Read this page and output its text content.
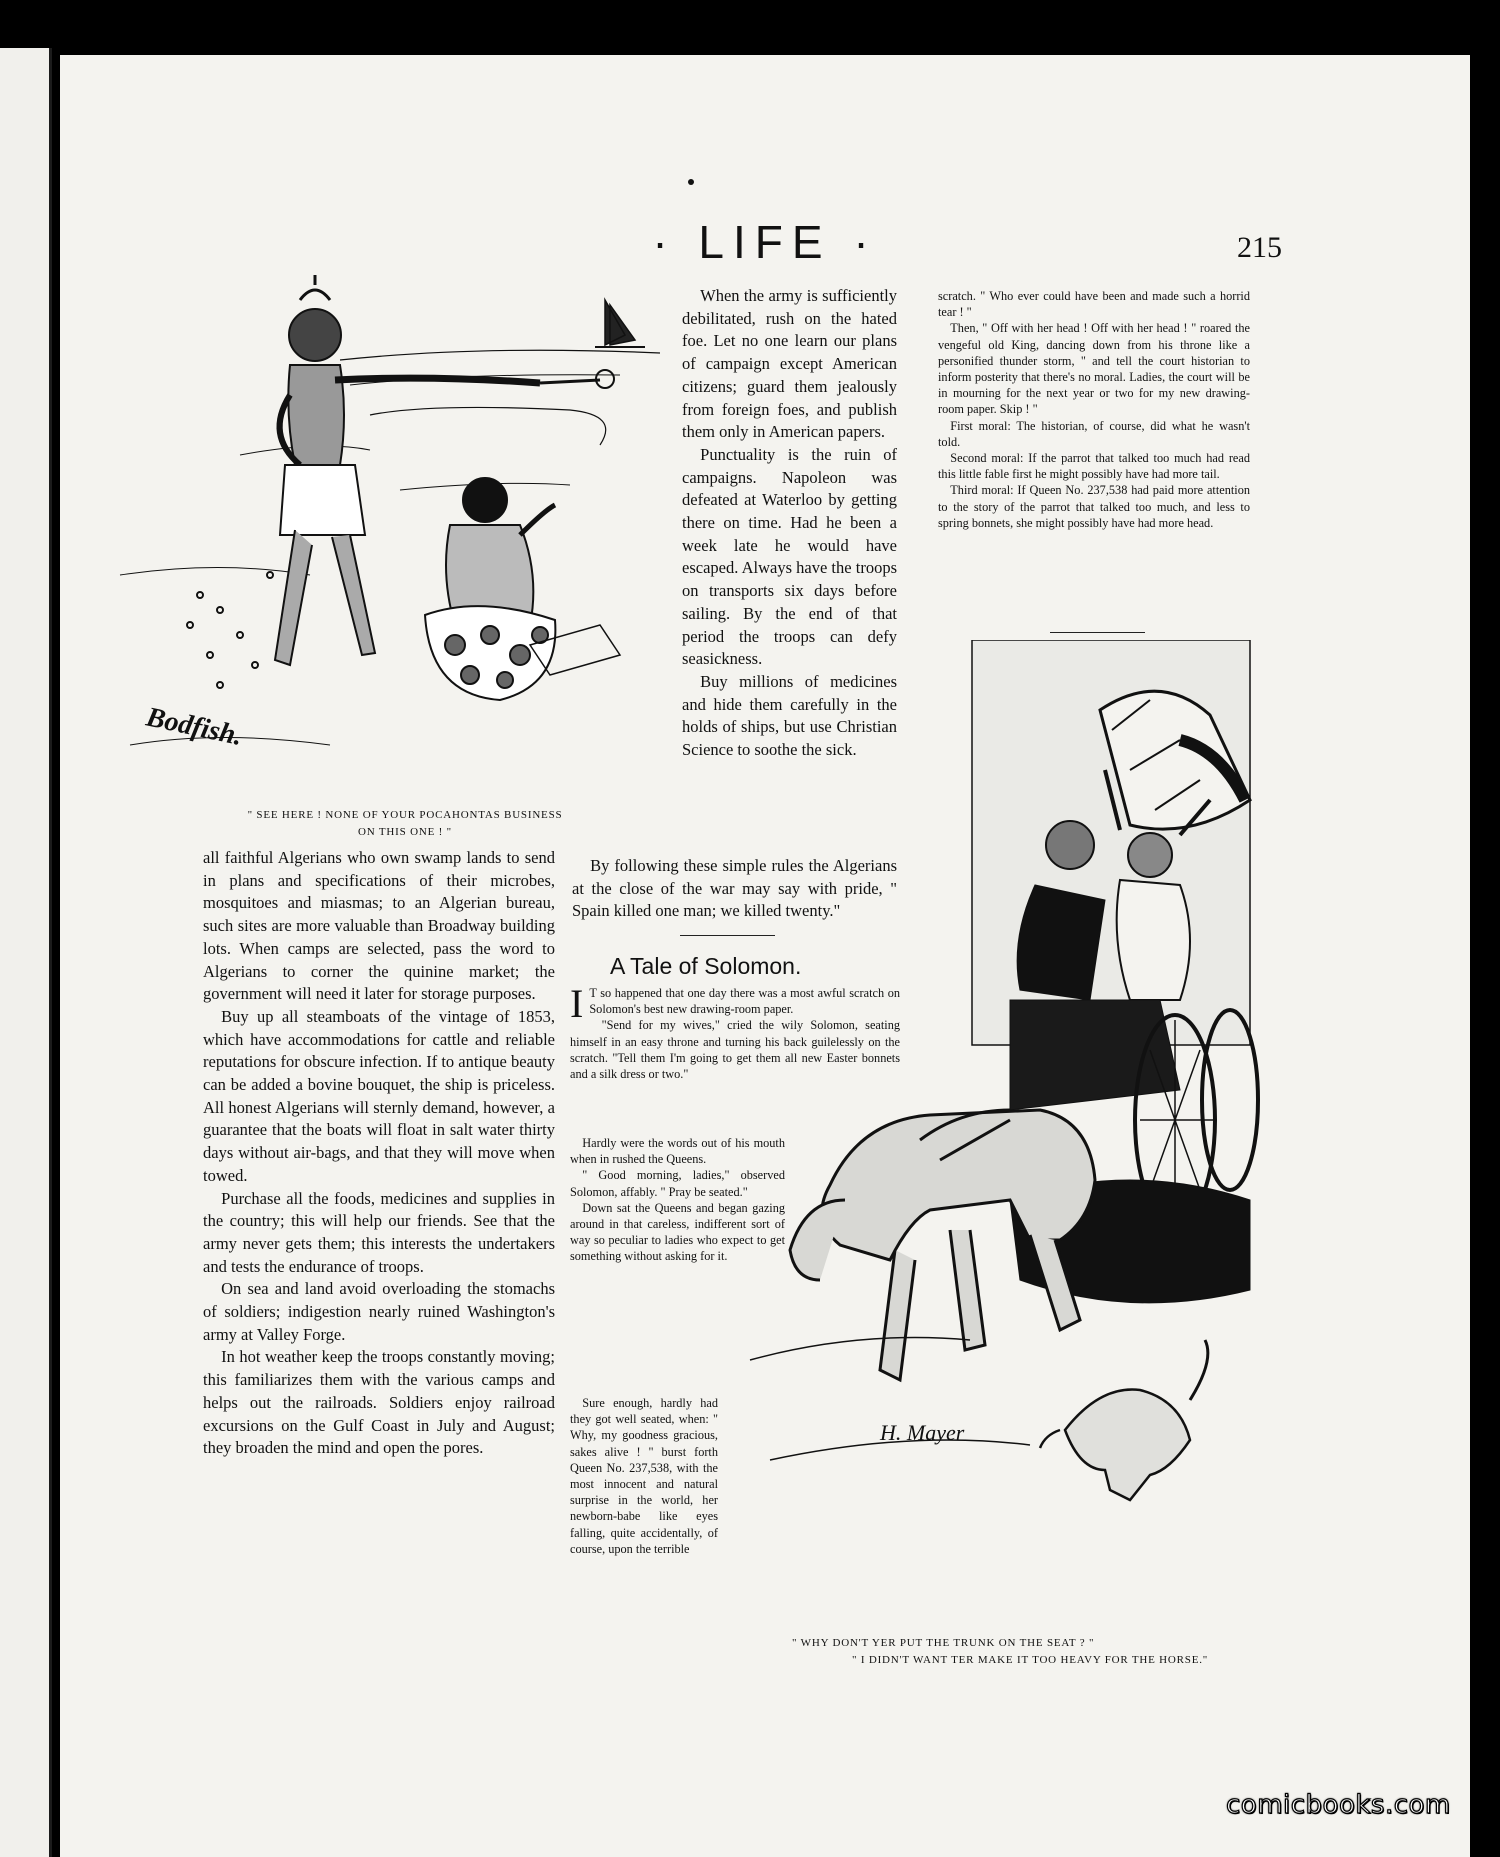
· LIFE ·	215
Bodfish.
" SEE HERE ! NONE OF YOUR POCAHONTAS BUSINESS
ON THIS ONE ! "

When the army is sufficiently debilitated, rush on the hated foe. Let no one learn our plans of campaign except American citizens; guard them jealously from foreign foes, and publish them only in American papers.

Punctuality is the ruin of campaigns. Napoleon was defeated at Waterloo by getting there on time. Had he been a week late he would have escaped. Always have the troops on transports six days before sailing. By the end of that period the troops can defy seasickness.

Buy millions of medicines and hide them carefully in the holds of ships, but use Christian Science to soothe the sick.

By following these simple rules the Algerians at the close of the war may say with pride, " Spain killed one man; we killed twenty."

all faithful Algerians who own swamp lands to send in plans and specifications of their microbes, mosquitoes and miasmas; to an Algerian bureau, such sites are more valuable than Broadway building lots. When camps are selected, pass the word to Algerians to corner the quinine market; the government will need it later for storage purposes.

Buy up all steamboats of the vintage of 1853, which have accommodations for cattle and reliable reputations for obscure infection. If to antique beauty can be added a bovine bouquet, the ship is priceless. All honest Algerians will sternly demand, however, a guarantee that the boats will float in salt water thirty days without air-bags, and that they will move when towed.

Purchase all the foods, medicines and supplies in the country; this will help our friends. See that the army never gets them; this interests the undertakers and tests the endurance of troops.

On sea and land avoid overloading the stomachs of soldiers; indigestion nearly ruined Washington's army at Valley Forge.

In hot weather keep the troops constantly moving; this familiarizes them with the various camps and helps out the railroads. Soldiers enjoy railroad excursions on the Gulf Coast in July and August; they broaden the mind and open the pores.

A Tale of Solomon.

I T so happened that one day there was a most awful scratch on Solomon's best new drawing-room paper.

"Send for my wives," cried the wily Solomon, seating himself in an easy throne and turning his back guilelessly on the scratch. "Tell them I'm going to get them all new Easter bonnets and a silk dress or two."

Hardly were the words out of his mouth when in rushed the Queens.

" Good morning, ladies," observed Solomon, affably. " Pray be seated."

Down sat the Queens and began gazing around in that careless, indifferent sort of way so peculiar to ladies who expect to get something without asking for it.

Sure enough, hardly had they got well seated, when: " Why, my goodness gracious, sakes alive ! " burst forth Queen No. 237,538, with the most innocent and natural surprise in the world, her newborn-babe like eyes falling, quite accidentally, of course, upon the terrible

scratch. " Who ever could have been and made such a horrid tear ! "

Then, " Off with her head ! Off with her head ! " roared the vengeful old King, dancing down from his throne like a personified thunder storm, " and tell the court historian to inform posterity that there's no moral. Ladies, the court will be in mourning for the next year or two for my new drawing-room paper. Skip ! "

First moral: The historian, of course, did what he wasn't told.

Second moral: If the parrot that talked too much had read this little fable first he might possibly have had more tail.

Third moral: If Queen No. 237,538 had paid more attention to the story of the parrot that talked too much, and less to spring bonnets, she might possibly have had more head.

H. Mayer
" WHY DON'T YER PUT THE TRUNK ON THE SEAT ? "
" I DIDN'T WANT TER MAKE IT TOO HEAVY FOR THE HORSE."
comicbooks.com
